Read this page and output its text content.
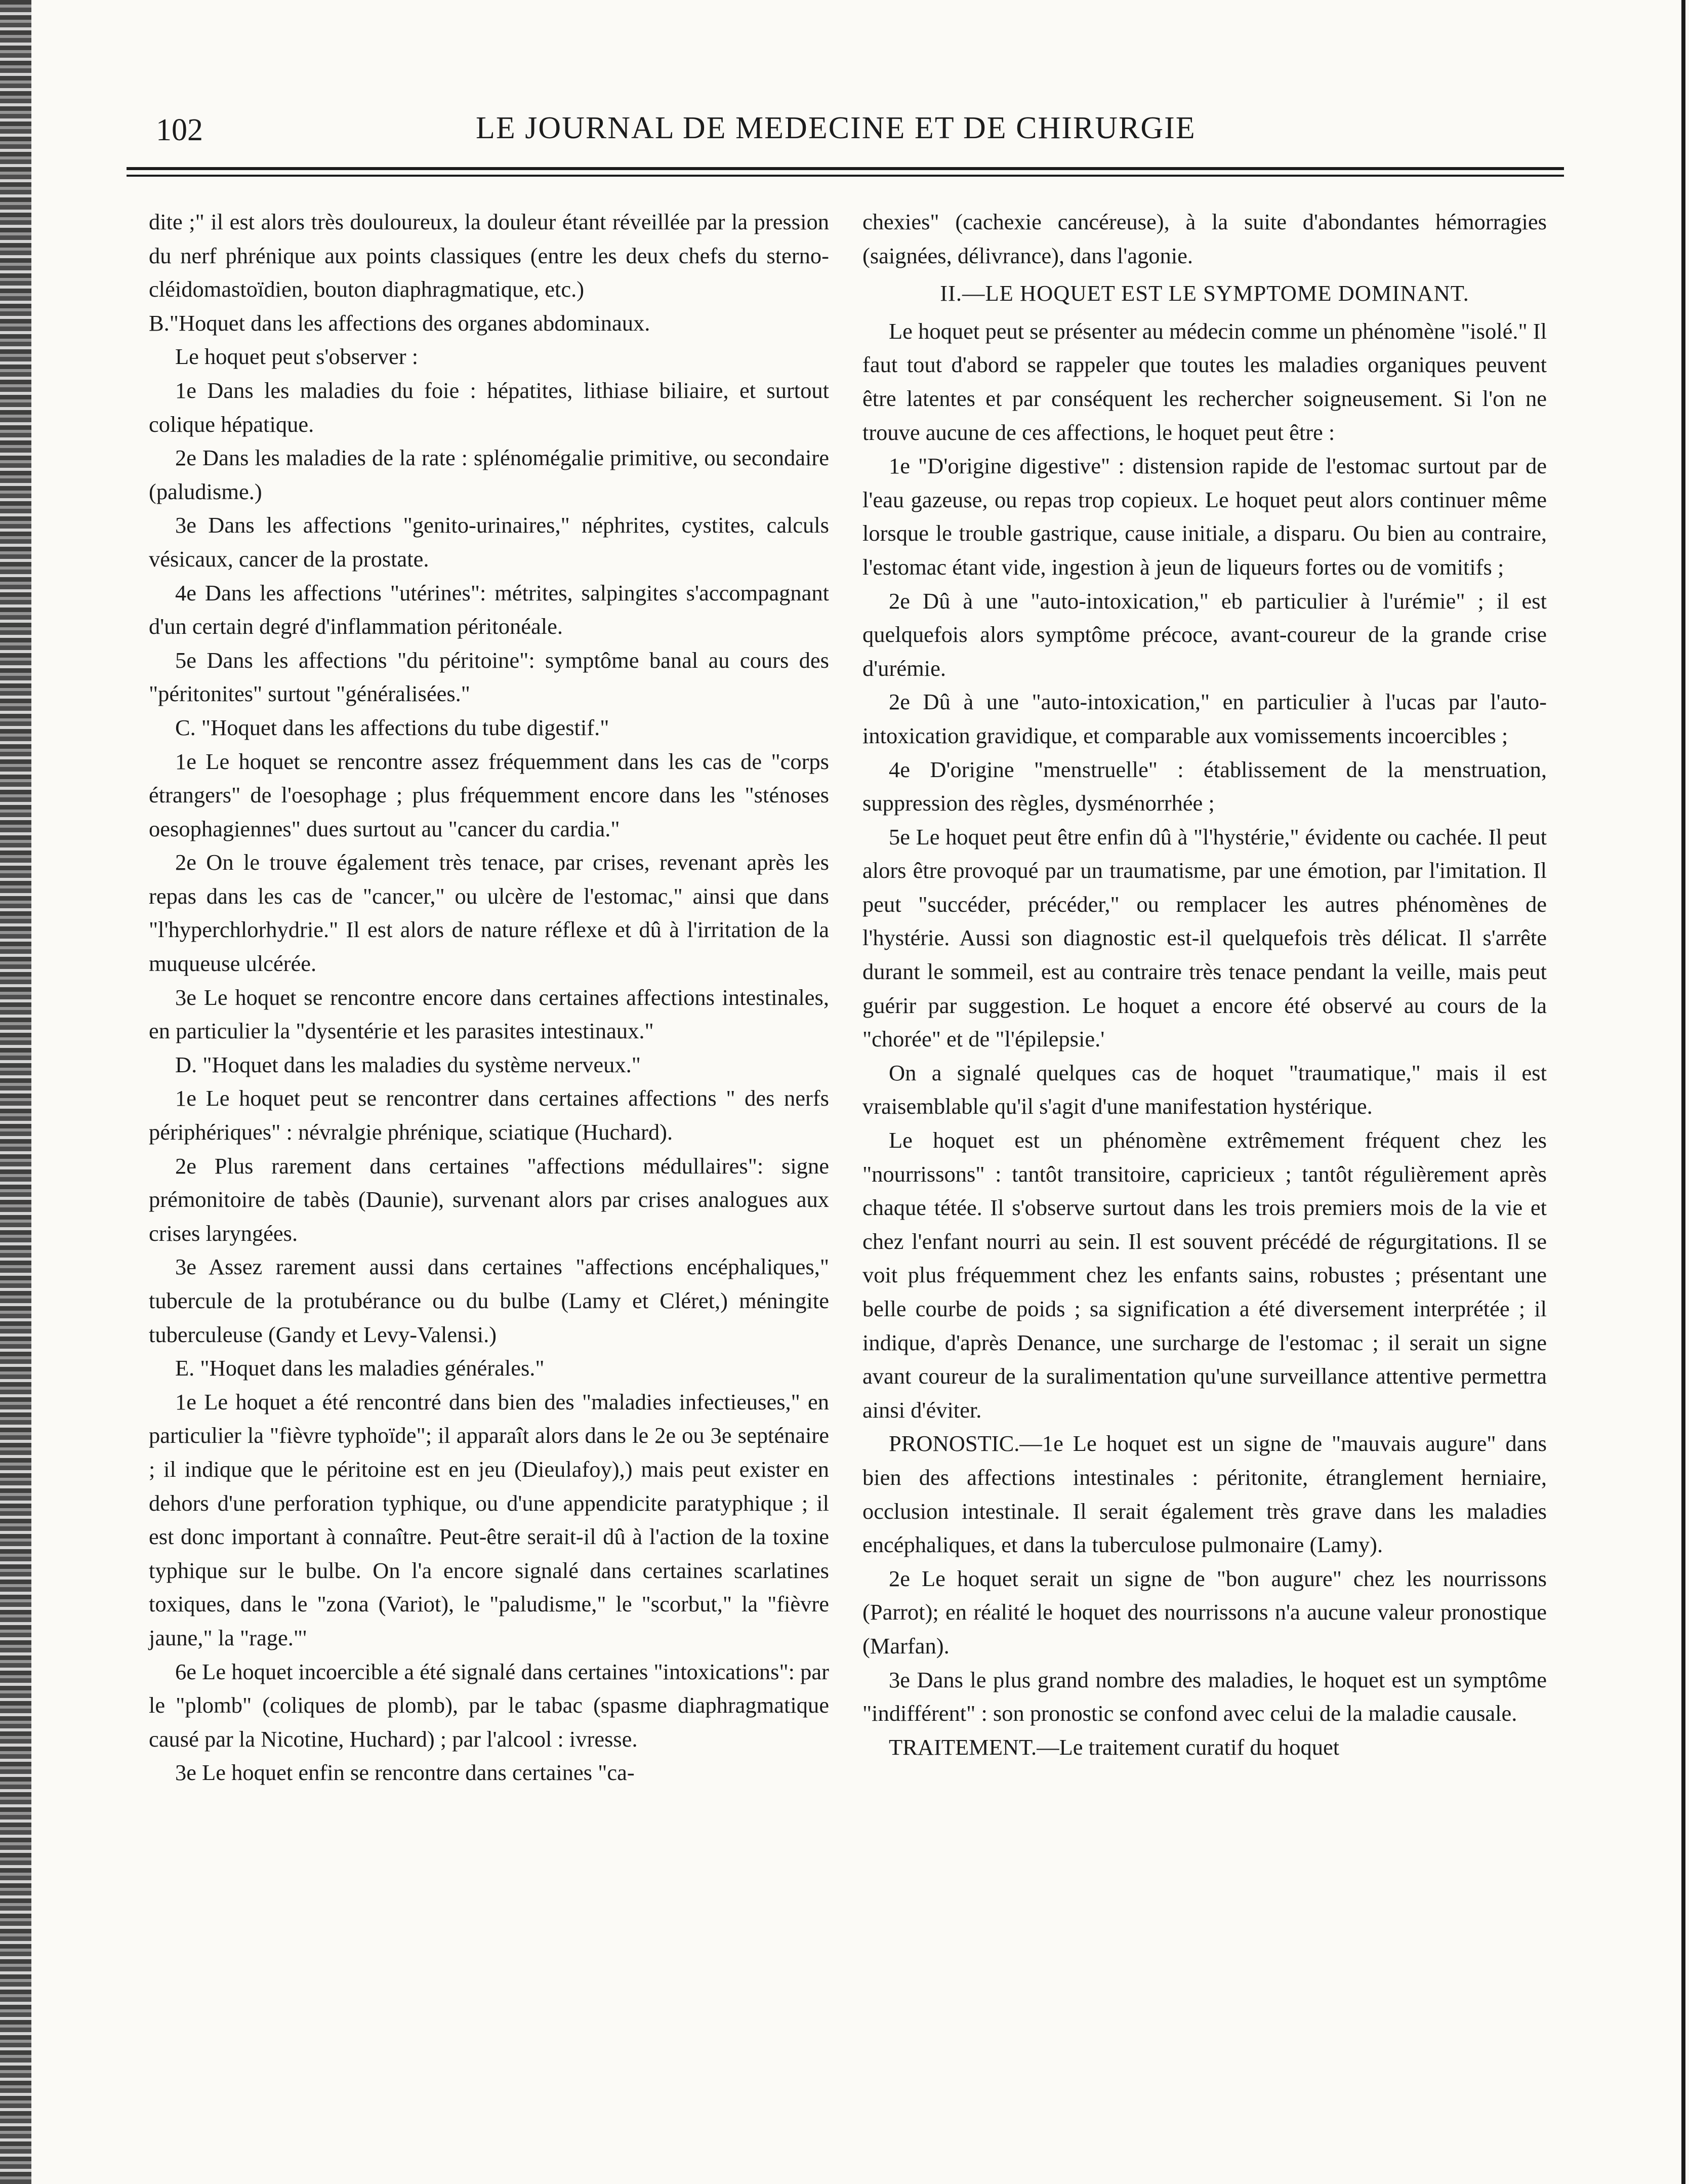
102	LE JOURNAL DE MEDECINE ET DE CHIRURGIE

dite ;" il est alors très douloureux, la douleur étant réveillée par la pression du nerf phrénique aux points classiques (entre les deux chefs du sterno-cléidomastoïdien, bouton diaphragmatique, etc.)

B."Hoquet dans les affections des organes abdominaux.

Le hoquet peut s'observer :

1e Dans les maladies du foie : hépatites, lithiase biliaire, et surtout colique hépatique.

2e Dans les maladies de la rate : splénomégalie primitive, ou secondaire (paludisme.)

3e Dans les affections "genito-urinaires," néphrites, cystites, calculs vésicaux, cancer de la prostate.

4e Dans les affections "utérines": métrites, salpingites s'accompagnant d'un certain degré d'inflammation péritonéale.

5e Dans les affections "du péritoine": symptôme banal au cours des "péritonites" surtout "généralisées."

C. "Hoquet dans les affections du tube digestif."

1e Le hoquet se rencontre assez fréquemment dans les cas de "corps étrangers" de l'oesophage ; plus fréquemment encore dans les "sténoses oesophagiennes" dues surtout au "cancer du cardia."

2e On le trouve également très tenace, par crises, revenant après les repas dans les cas de "cancer," ou ulcère de l'estomac," ainsi que dans "l'hyperchlorhydrie." Il est alors de nature réflexe et dû à l'irritation de la muqueuse ulcérée.

3e Le hoquet se rencontre encore dans certaines affections intestinales, en particulier la "dysentérie et les parasites intestinaux."

D. "Hoquet dans les maladies du système nerveux."

1e Le hoquet peut se rencontrer dans certaines affections " des nerfs périphériques" : névralgie phrénique, sciatique (Huchard).

2e Plus rarement dans certaines "affections médullaires": signe prémonitoire de tabès (Daunie), survenant alors par crises analogues aux crises laryngées.

3e Assez rarement aussi dans certaines "affections encéphaliques," tubercule de la protubérance ou du bulbe (Lamy et Cléret,) méningite tuberculeuse (Gandy et Levy-Valensi.)

E. "Hoquet dans les maladies générales."

1e Le hoquet a été rencontré dans bien des "maladies infectieuses," en particulier la "fièvre typhoïde"; il apparaît alors dans le 2e ou 3e septénaire ; il indique que le péritoine est en jeu (Dieulafoy),) mais peut exister en dehors d'une perforation typhique, ou d'une appendicite paratyphique ; il est donc important à connaître. Peut-être serait-il dû à l'action de la toxine typhique sur le bulbe. On l'a encore signalé dans certaines scarlatines toxiques, dans le "zona (Variot), le "paludisme," le "scorbut," la "fièvre jaune," la "rage."'

6e Le hoquet incoercible a été signalé dans certaines "intoxications": par le "plomb" (coliques de plomb), par le tabac (spasme diaphragmatique causé par la Nicotine, Huchard) ; par l'alcool : ivresse.

3e Le hoquet enfin se rencontre dans certaines "ca-

chexies" (cachexie cancéreuse), à la suite d'abondantes hémorragies (saignées, délivrance), dans l'agonie.

II.—LE HOQUET EST LE SYMPTOME DOMINANT.

Le hoquet peut se présenter au médecin comme un phénomène "isolé." Il faut tout d'abord se rappeler que toutes les maladies organiques peuvent être latentes et par conséquent les rechercher soigneusement. Si l'on ne trouve aucune de ces affections, le hoquet peut être :

1e "D'origine digestive" : distension rapide de l'estomac surtout par de l'eau gazeuse, ou repas trop copieux. Le hoquet peut alors continuer même lorsque le trouble gastrique, cause initiale, a disparu. Ou bien au contraire, l'estomac étant vide, ingestion à jeun de liqueurs fortes ou de vomitifs ;

2e Dû à une "auto-intoxication," eb particulier à l'urémie" ; il est quelquefois alors symptôme précoce, avant-coureur de la grande crise d'urémie.

2e Dû à une "auto-intoxication," en particulier à l'ucas par l'auto-intoxication gravidique, et comparable aux vomissements incoercibles ;

4e D'origine "menstruelle" : établissement de la menstruation, suppression des règles, dysménorrhée ;

5e Le hoquet peut être enfin dû à "l'hystérie," évidente ou cachée. Il peut alors être provoqué par un traumatisme, par une émotion, par l'imitation. Il peut "succéder, précéder," ou remplacer les autres phénomènes de l'hystérie. Aussi son diagnostic est-il quelquefois très délicat. Il s'arrête durant le sommeil, est au contraire très tenace pendant la veille, mais peut guérir par suggestion. Le hoquet a encore été observé au cours de la "chorée" et de "l'épilepsie.'

On a signalé quelques cas de hoquet "traumatique," mais il est vraisemblable qu'il s'agit d'une manifestation hystérique.

Le hoquet est un phénomène extrêmement fréquent chez les "nourrissons" : tantôt transitoire, capricieux ; tantôt régulièrement après chaque tétée. Il s'observe surtout dans les trois premiers mois de la vie et chez l'enfant nourri au sein. Il est souvent précédé de régurgitations. Il se voit plus fréquemment chez les enfants sains, robustes ; présentant une belle courbe de poids ; sa signification a été diversement interprétée ; il indique, d'après Denance, une surcharge de l'estomac ; il serait un signe avant coureur de la suralimentation qu'une surveillance attentive permettra ainsi d'éviter.

PRONOSTIC.—1e Le hoquet est un signe de "mauvais augure" dans bien des affections intestinales : péritonite, étranglement herniaire, occlusion intestinale. Il serait également très grave dans les maladies encéphaliques, et dans la tuberculose pulmonaire (Lamy).

2e Le hoquet serait un signe de "bon augure" chez les nourrissons (Parrot); en réalité le hoquet des nourrissons n'a aucune valeur pronostique (Marfan).

3e Dans le plus grand nombre des maladies, le hoquet est un symptôme "indifférent" : son pronostic se confond avec celui de la maladie causale.

TRAITEMENT.—Le traitement curatif du hoquet
